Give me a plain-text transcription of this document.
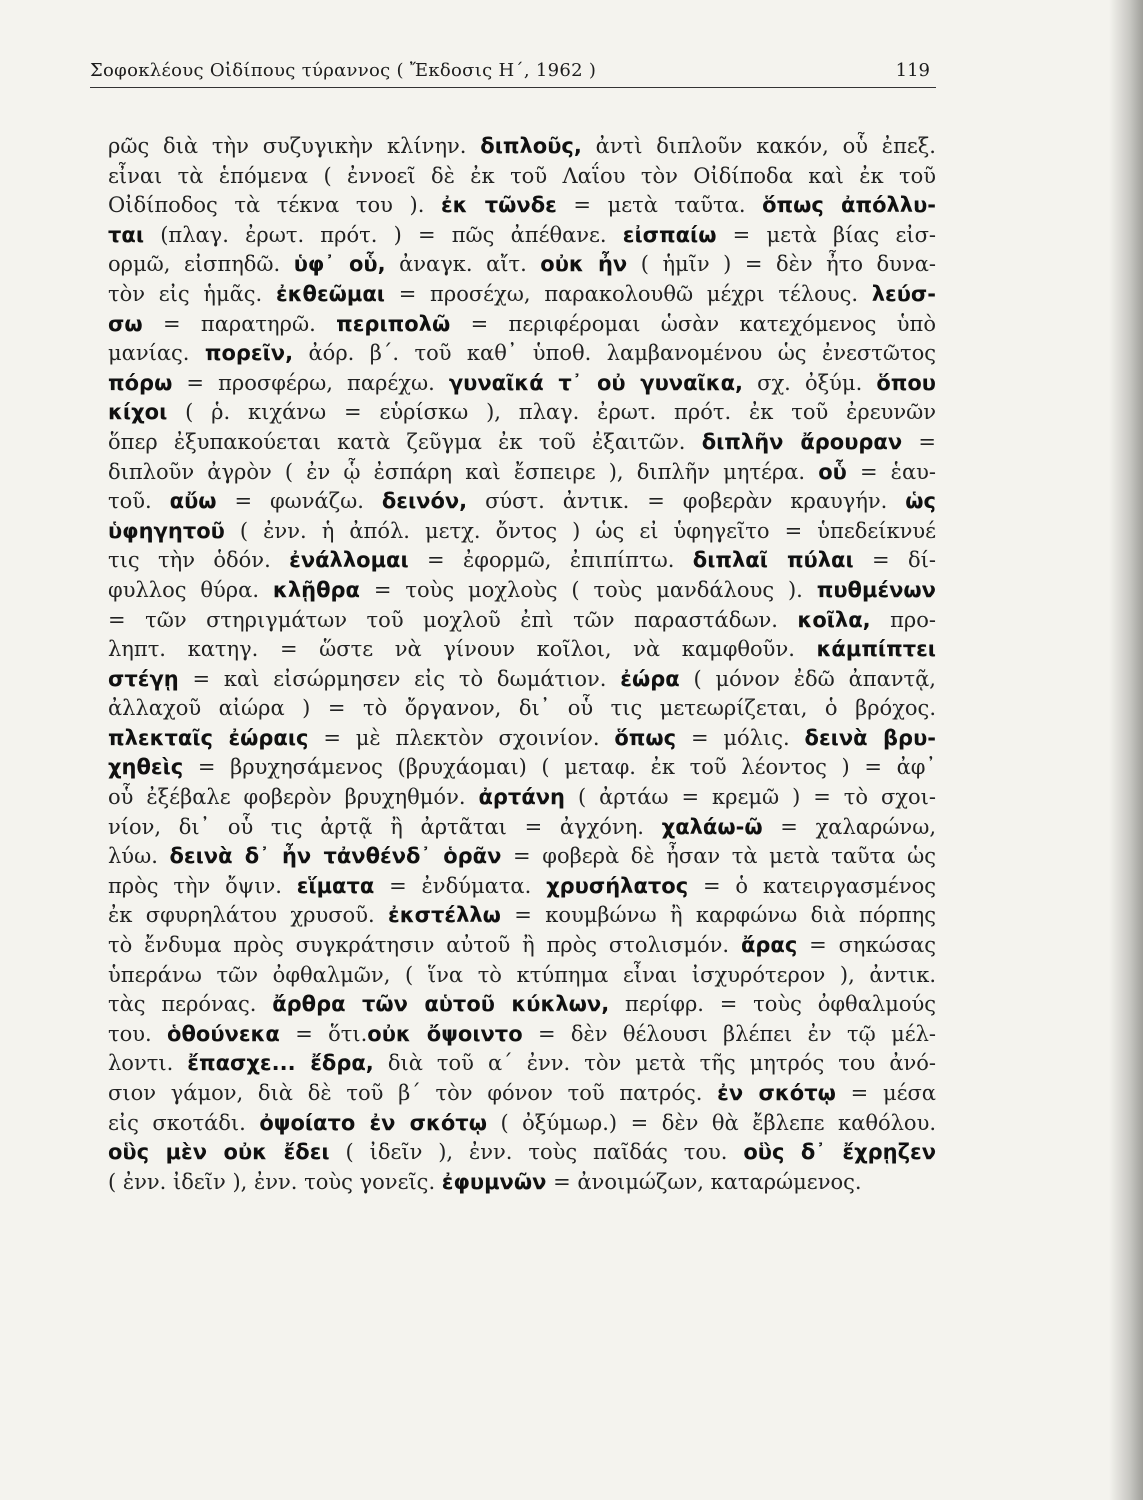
Σοφοκλέους Οἰδίπους τύραννος ( Ἔκδοσις Η΄, 1962 )	119
ρῶς διὰ τὴν συζυγικὴν κλίνην. διπλοῦς, ἀντὶ διπλοῦν κακόν, οὗ ἐπεξ.
εἶναι τὰ ἑπόμενα ( ἐννοεῖ δὲ ἐκ τοῦ Λαΐου τὸν Οἰδίποδα καὶ ἐκ τοῦ
Οἰδίποδος τὰ τέκνα του ). ἐκ τῶνδε = μετὰ ταῦτα. ὅπως ἀπόλλυ-
ται (πλαγ. ἐρωτ. πρότ. ) = πῶς ἀπέθανε. εἰσπαίω = μετὰ βίας εἰσ-
ορμῶ, εἰσπηδῶ. ὑφ᾽ οὗ, ἀναγκ. αἴτ. οὐκ ἦν ( ἡμῖν ) = δὲν ἦτο δυνα-
τὸν εἰς ἡμᾶς. ἐκθεῶμαι = προσέχω, παρακολουθῶ μέχρι τέλους. λεύσ-
σω = παρατηρῶ. περιπολῶ = περιφέρομαι ὡσὰν κατεχόμενος ὑπὸ
μανίας. πορεῖν, ἀόρ. β΄. τοῦ καθ᾽ ὑποθ. λαμβανομένου ὡς ἐνεστῶτος
πόρω = προσφέρω, παρέχω. γυναῖκά τ᾽ οὐ γυναῖκα, σχ. ὀξύμ. ὅπου
κίχοι ( ῥ. κιχάνω = εὑρίσκω ), πλαγ. ἐρωτ. πρότ. ἐκ τοῦ ἐρευνῶν
ὅπερ ἐξυπακούεται κατὰ ζεῦγμα ἐκ τοῦ ἐξαιτῶν. διπλῆν ἄρουραν =
διπλοῦν ἀγρὸν ( ἐν ᾧ ἐσπάρη καὶ ἔσπειρε ), διπλῆν μητέρα. οὗ = ἑαυ-
τοῦ. αὔω = φωνάζω. δεινόν, σύστ. ἀντικ. = φοβερὰν κραυγήν. ὡς
ὑφηγητοῦ ( ἐνν. ἡ ἀπόλ. μετχ. ὄντος ) ὡς εἰ ὑφηγεῖτο = ὑπεδείκνυέ
τις τὴν ὁδόν. ἐνάλλομαι = ἐφορμῶ, ἐπιπίπτω. διπλαῖ πύλαι = δί-
φυλλος θύρα. κλῇθρα = τοὺς μοχλοὺς ( τοὺς μανδάλους ). πυθμένων
= τῶν στηριγμάτων τοῦ μοχλοῦ ἐπὶ τῶν παραστάδων. κοῖλα, προ-
ληπτ. κατηγ. = ὥστε νὰ γίνουν κοῖλοι, νὰ καμφθοῦν. κάμπίπτει
στέγῃ = καὶ εἰσώρμησεν εἰς τὸ δωμάτιον. ἐώρα ( μόνον ἐδῶ ἀπαντᾷ,
ἀλλαχοῦ αἰώρα ) = τὸ ὄργανον, δι᾽ οὗ τις μετεωρίζεται, ὁ βρόχος.
πλεκταῖς ἐώραις = μὲ πλεκτὸν σχοινίον. ὅπως = μόλις. δεινὰ βρυ-
χηθεὶς = βρυχησάμενος (βρυχάομαι) ( μεταφ. ἐκ τοῦ λέοντος ) = ἀφ᾽
οὗ ἐξέβαλε φοβερὸν βρυχηθμόν. ἀρτάνη ( ἀρτάω = κρεμῶ ) = τὸ σχοι-
νίον, δι᾽ οὗ τις ἀρτᾷ ἢ ἀρτᾶται = ἀγχόνη. χαλάω-ῶ = χαλαρώνω,
λύω. δεινὰ δ᾽ ἦν τἀνθένδ᾽ ὁρᾶν = φοβερὰ δὲ ἦσαν τὰ μετὰ ταῦτα ὡς
πρὸς τὴν ὄψιν. εἵματα = ἐνδύματα. χρυσήλατος = ὁ κατειργασμένος
ἐκ σφυρηλάτου χρυσοῦ. ἐκστέλλω = κουμβώνω ἢ καρφώνω διὰ πόρπης
τὸ ἔνδυμα πρὸς συγκράτησιν αὐτοῦ ἢ πρὸς στολισμόν. ἄρας = σηκώσας
ὑπεράνω τῶν ὀφθαλμῶν, ( ἵνα τὸ κτύπημα εἶναι ἰσχυρότερον ), ἀντικ.
τὰς περόνας. ἄρθρα τῶν αὑτοῦ κύκλων, περίφρ. = τοὺς ὀφθαλμούς
του. ὁθούνεκα = ὅτι.οὐκ ὄψοιντο = δὲν θέλουσι βλέπει ἐν τῷ μέλ-
λοντι. ἔπασχε... ἔδρα, διὰ τοῦ α΄ ἐνν. τὸν μετὰ τῆς μητρός του ἀνό-
σιον γάμον, διὰ δὲ τοῦ β΄ τὸν φόνον τοῦ πατρός. ἐν σκότῳ = μέσα
εἰς σκοτάδι. ὀψοίατο ἐν σκότῳ ( ὀξύμωρ.) = δὲν θὰ ἔβλεπε καθόλου.
οὓς μὲν οὐκ ἔδει ( ἰδεῖν ), ἐνν. τοὺς παῖδάς του. οὓς δ᾽ ἔχρῃζεν
( ἐνν. ἰδεῖν ), ἐνν. τοὺς γονεῖς. ἐφυμνῶν = ἀνοιμώζων, καταρώμενος.
